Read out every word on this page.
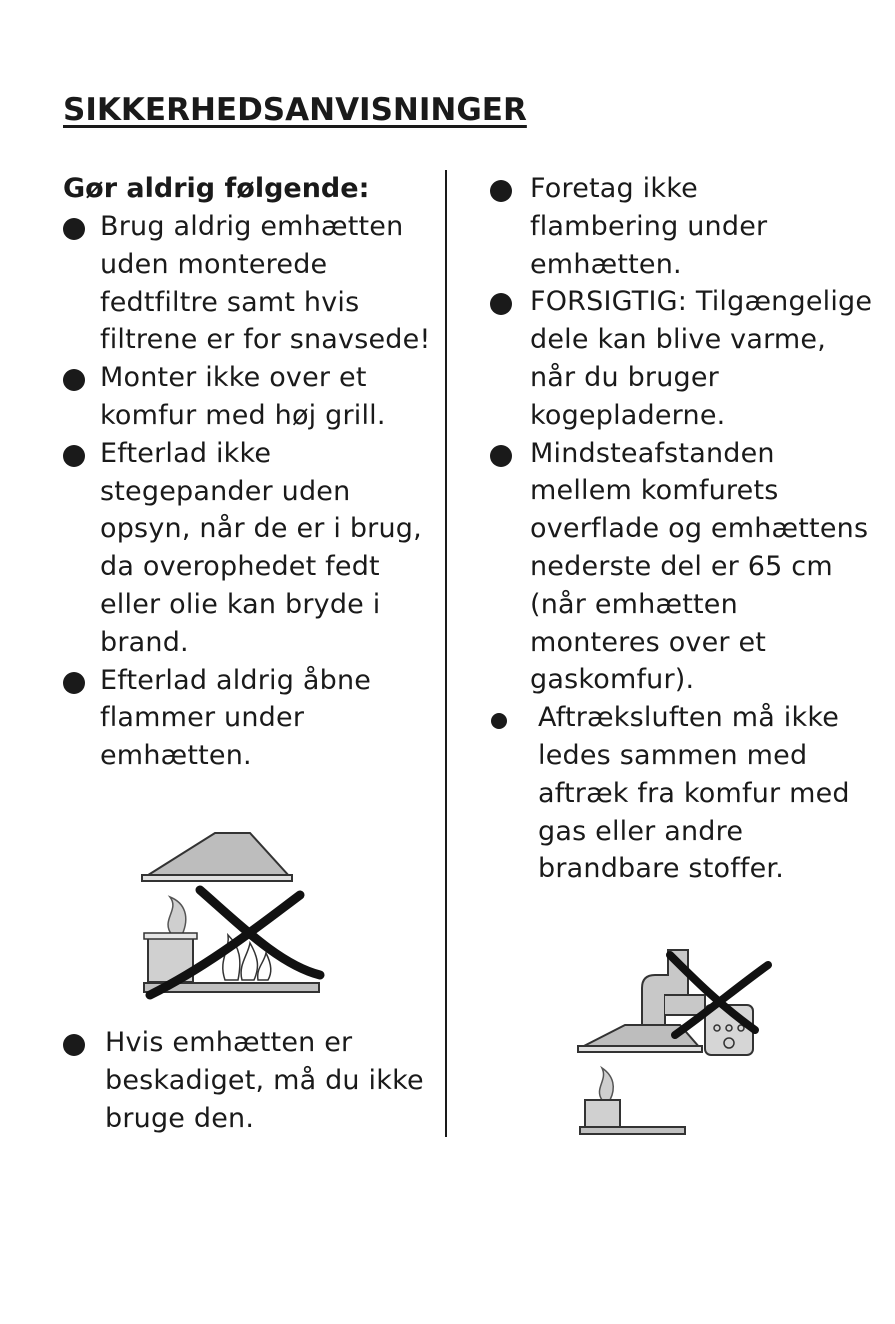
SIKKERHEDSANVISNINGER
Gør aldrig følgende:
Brug aldrig emhætten uden monterede fedtfiltre samt hvis filtrene er for snavsede!
Monter ikke over et komfur med høj grill.
Efterlad ikke stegepander uden opsyn, når de er i brug, da overophedet fedt eller olie kan bryde i brand.
Efterlad aldrig åbne flammer under emhætten.
Hvis emhætten er beskadiget, må du ikke bruge den.
Foretag ikke flambering under emhætten.
FORSIGTIG: Tilgængelige dele kan blive varme, når du bruger kogepladerne.
Mindsteafstanden mellem komfurets overflade og emhættens nederste del er 65 cm (når emhætten monteres over et gaskomfur).
Aftræksluften må ikke ledes sammen med aftræk fra komfur med gas eller andre brandbare stoffer.
